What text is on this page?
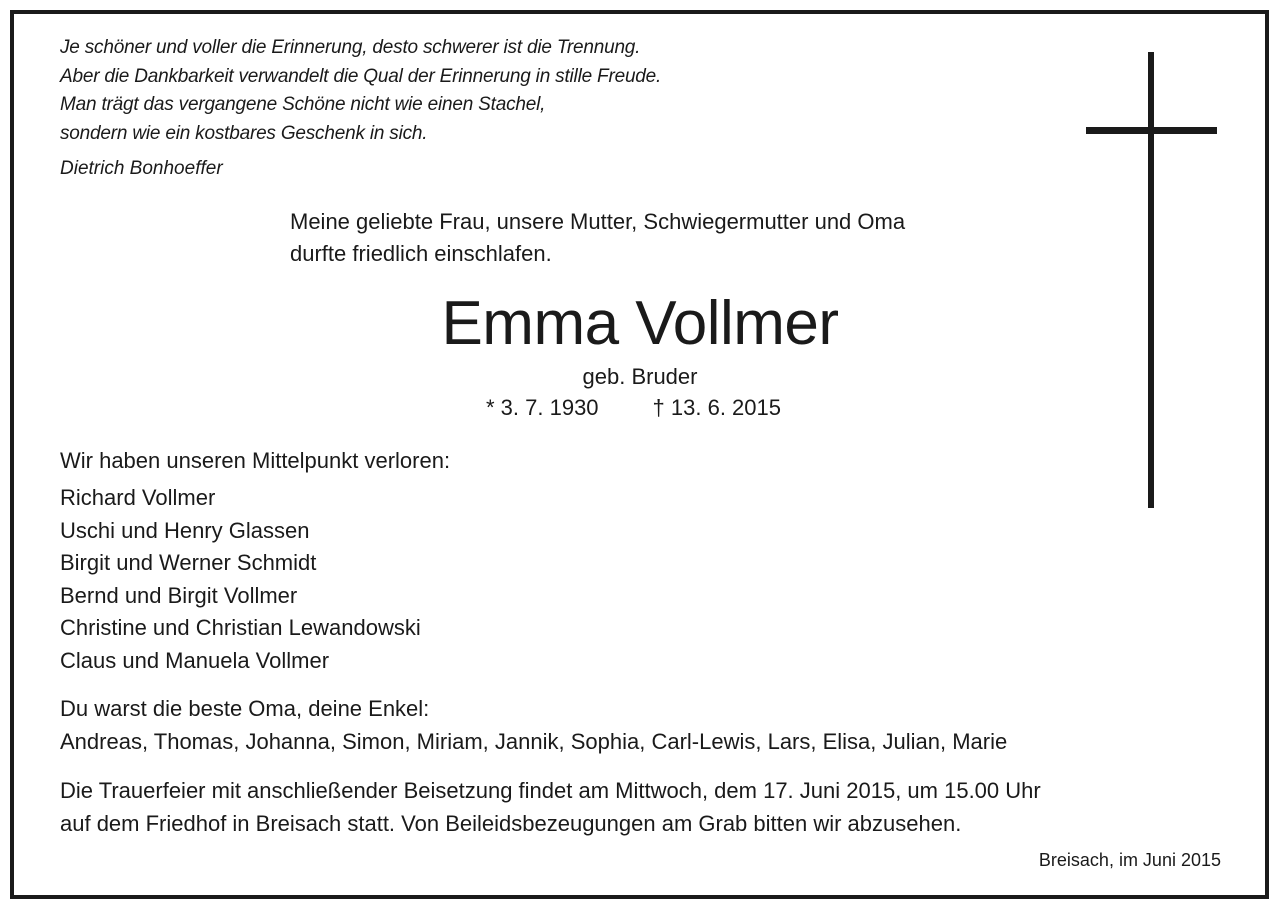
Je schöner und voller die Erinnerung, desto schwerer ist die Trennung.
Aber die Dankbarkeit verwandelt die Qual der Erinnerung in stille Freude.
Man trägt das vergangene Schöne nicht wie einen Stachel,
sondern wie ein kostbares Geschenk in sich.
Dietrich Bonhoeffer
Meine geliebte Frau, unsere Mutter, Schwiegermutter und Oma
durfte friedlich einschlafen.
Emma Vollmer
geb. Bruder
* 3. 7. 1930 † 13. 6. 2015
Wir haben unseren Mittelpunkt verloren:
Richard Vollmer
Uschi und Henry Glassen
Birgit und Werner Schmidt
Bernd und Birgit Vollmer
Christine und Christian Lewandowski
Claus und Manuela Vollmer
Du warst die beste Oma, deine Enkel:
Andreas, Thomas, Johanna, Simon, Miriam, Jannik, Sophia, Carl-Lewis, Lars, Elisa, Julian, Marie
Die Trauerfeier mit anschließender Beisetzung findet am Mittwoch, dem 17. Juni 2015, um 15.00 Uhr
auf dem Friedhof in Breisach statt. Von Beileidsbezeugungen am Grab bitten wir abzusehen.
Breisach, im Juni 2015
